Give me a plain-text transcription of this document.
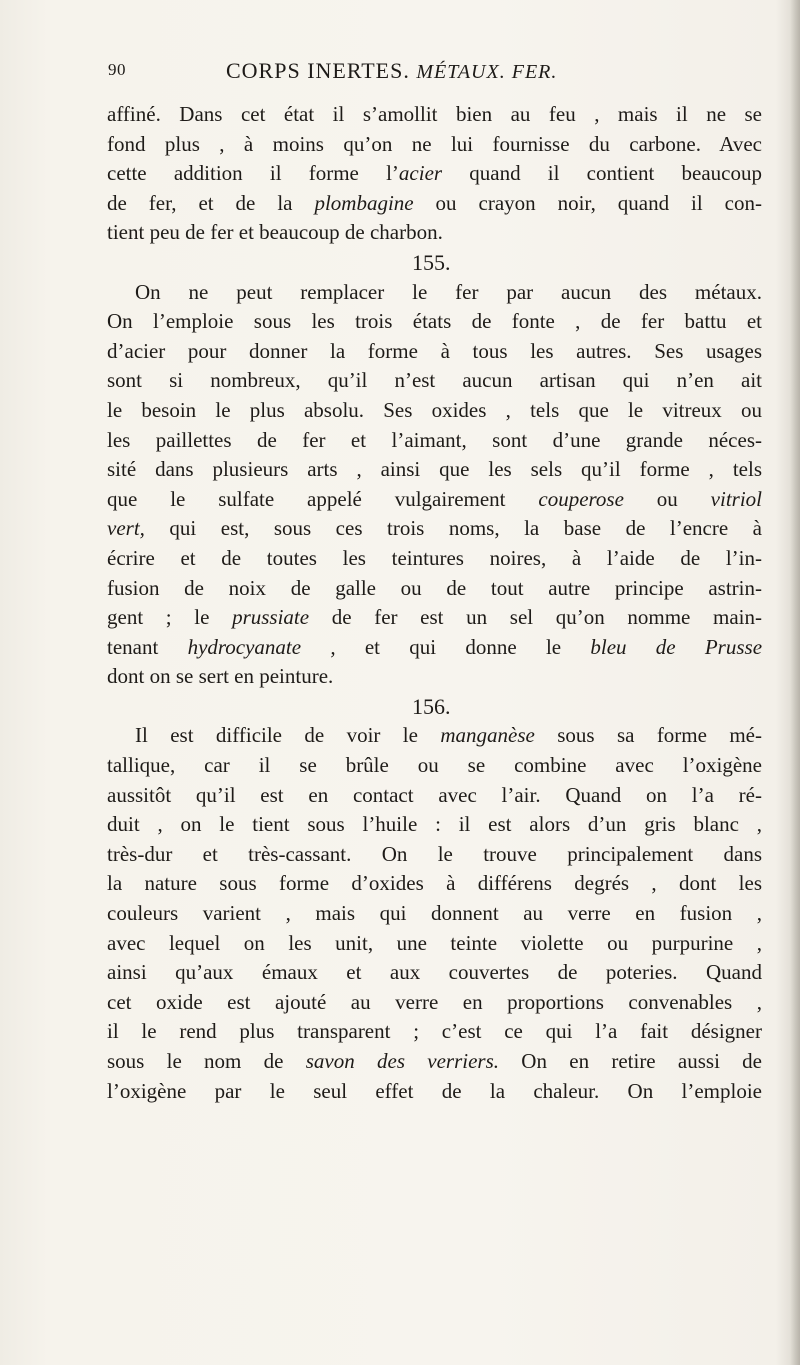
90	CORPS INERTES. MÉTAUX. FER.
affiné. Dans cet état il s’amollit bien au feu , mais il ne se
fond plus , à moins qu’on ne lui fournisse du carbone. Avec
cette addition il forme l’acier quand il contient beaucoup
de fer, et de la plombagine ou crayon noir, quand il con-
tient peu de fer et beaucoup de charbon.
155.
On ne peut remplacer le fer par aucun des métaux.
On l’emploie sous les trois états de fonte , de fer battu et
d’acier pour donner la forme à tous les autres. Ses usages
sont si nombreux, qu’il n’est aucun artisan qui n’en ait
le besoin le plus absolu. Ses oxides , tels que le vitreux ou
les paillettes de fer et l’aimant, sont d’une grande néces-
sité dans plusieurs arts , ainsi que les sels qu’il forme , tels
que le sulfate appelé vulgairement couperose ou vitriol
vert, qui est, sous ces trois noms, la base de l’encre à
écrire et de toutes les teintures noires, à l’aide de l’in-
fusion de noix de galle ou de tout autre principe astrin-
gent ; le prussiate de fer est un sel qu’on nomme main-
tenant hydrocyanate , et qui donne le bleu de Prusse
dont on se sert en peinture.
156.
Il est difficile de voir le manganèse sous sa forme mé-
tallique, car il se brûle ou se combine avec l’oxigène
aussitôt qu’il est en contact avec l’air. Quand on l’a ré-
duit , on le tient sous l’huile : il est alors d’un gris blanc ,
très-dur et très-cassant. On le trouve principalement dans
la nature sous forme d’oxides à différens degrés , dont les
couleurs varient , mais qui donnent au verre en fusion ,
avec lequel on les unit, une teinte violette ou purpurine ,
ainsi qu’aux émaux et aux couvertes de poteries. Quand
cet oxide est ajouté au verre en proportions convenables ,
il le rend plus transparent ; c’est ce qui l’a fait désigner
sous le nom de savon des verriers. On en retire aussi de
l’oxigène par le seul effet de la chaleur. On l’emploie
